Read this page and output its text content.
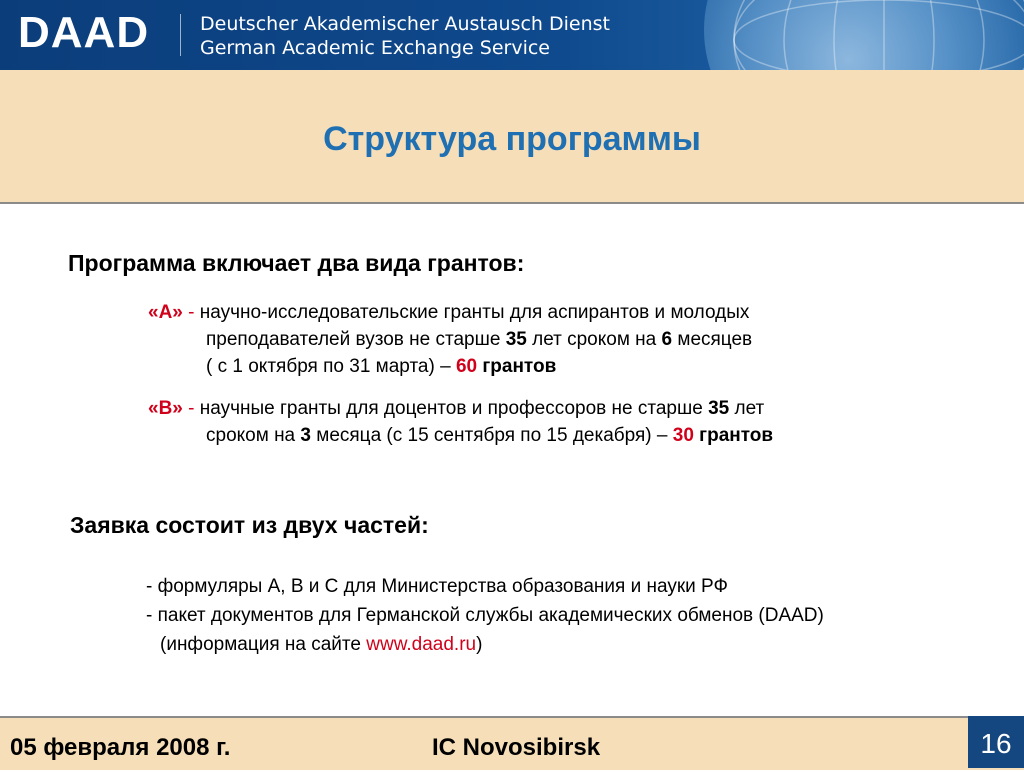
DAAD	Deutscher Akademischer Austausch Dienst
German Academic Exchange Service
Структура программы
Программа включает два вида грантов:
«А» - научно-исследовательские гранты для аспирантов и молодых
преподавателей вузов не старше 35 лет сроком на 6 месяцев
( с 1 октября по 31 марта) – 60 грантов
«В» - научные гранты для доцентов и профессоров не старше 35 лет
сроком на 3 месяца (с 15 сентября по 15 декабря) – 30 грантов
Заявка состоит из двух частей:
- формуляры A, B и C для Министерства образования и науки РФ
- пакет документов для Германской службы академических обменов (DAAD)
(информация на сайте www.daad.ru)
05 февраля 2008 г.	IC Novosibirsk	16
